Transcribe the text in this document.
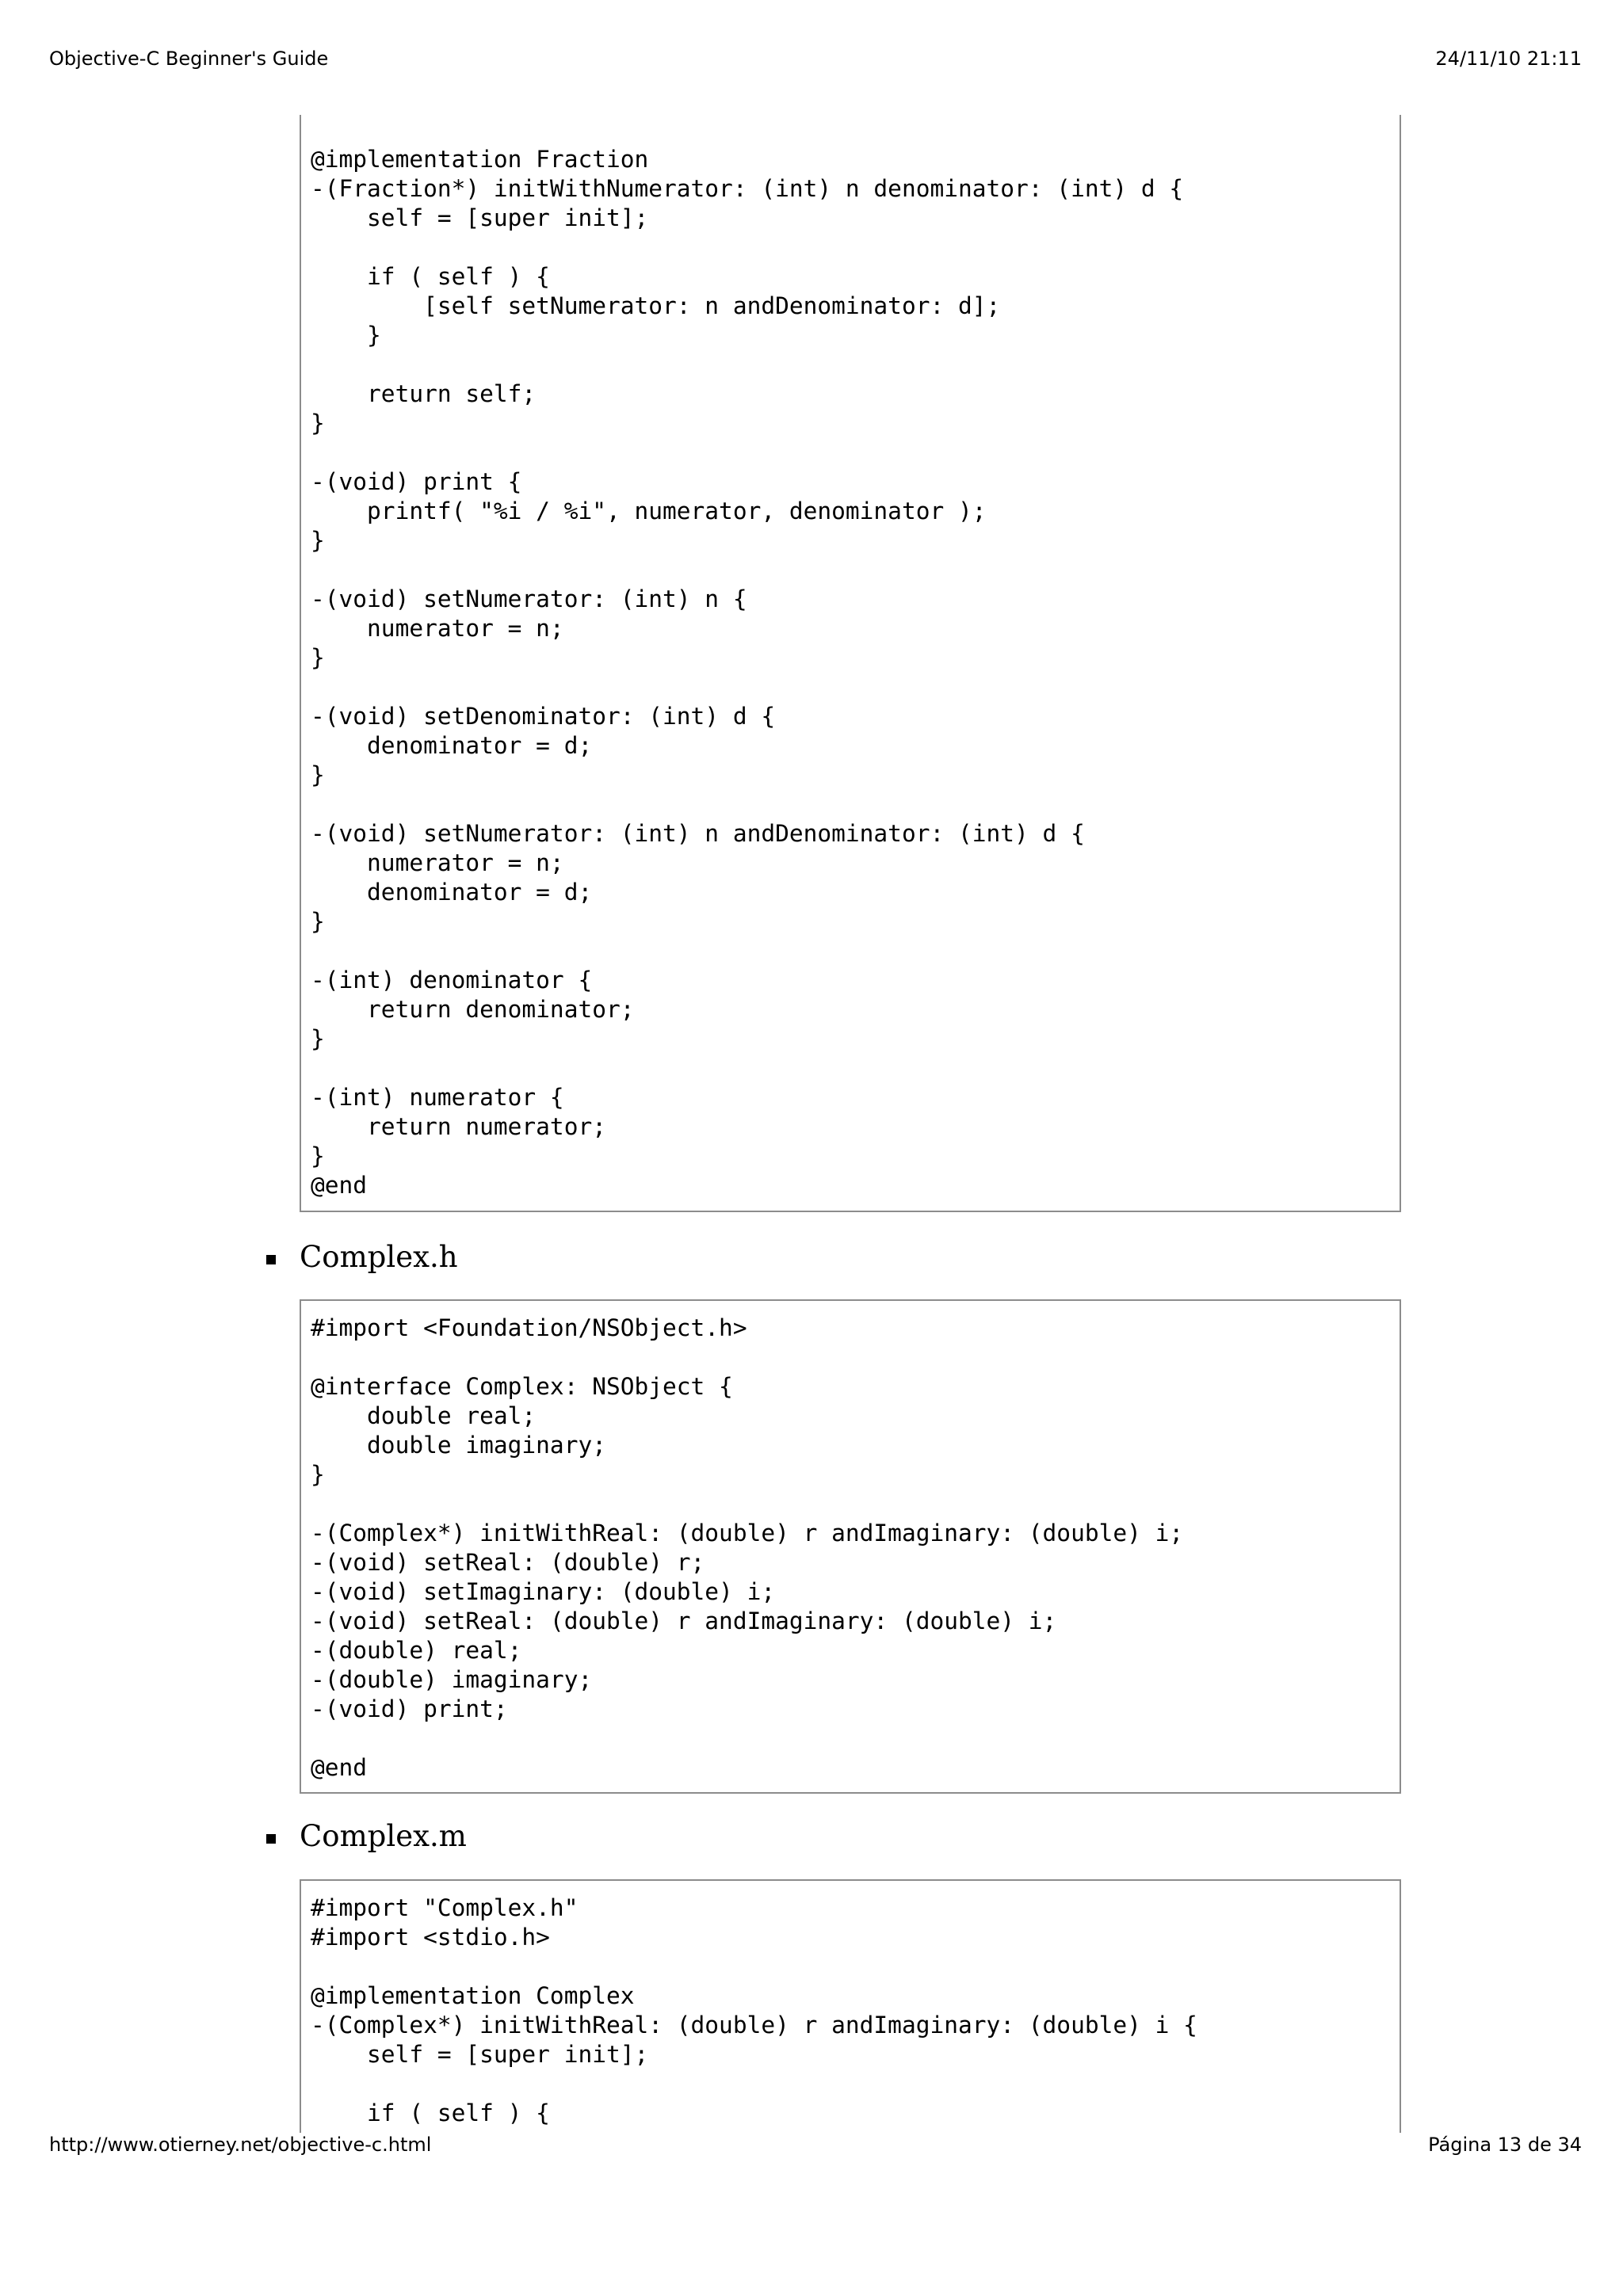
Objective-C Beginner's Guide	24/11/10 21:11
@implementation Fraction
-(Fraction*) initWithNumerator: (int) n denominator: (int) d {
self = [super init];
if ( self ) {
[self setNumerator: n andDenominator: d];
}
return self;
}
-(void) print {
printf( "%i / %i", numerator, denominator );
}
-(void) setNumerator: (int) n {
numerator = n;
}
-(void) setDenominator: (int) d {
denominator = d;
}
-(void) setNumerator: (int) n andDenominator: (int) d {
numerator = n;
denominator = d;
}
-(int) denominator {
return denominator;
}
-(int) numerator {
return numerator;
}
@end
Complex.h
#import <Foundation/NSObject.h>
@interface Complex: NSObject {
double real;
double imaginary;
}
-(Complex*) initWithReal: (double) r andImaginary: (double) i;
-(void) setReal: (double) r;
-(void) setImaginary: (double) i;
-(void) setReal: (double) r andImaginary: (double) i;
-(double) real;
-(double) imaginary;
-(void) print;
@end
Complex.m
#import "Complex.h"
#import <stdio.h>
@implementation Complex
-(Complex*) initWithReal: (double) r andImaginary: (double) i {
self = [super init];
if ( self ) {
http://www.otierney.net/objective-c.html	Página 13 de 34
